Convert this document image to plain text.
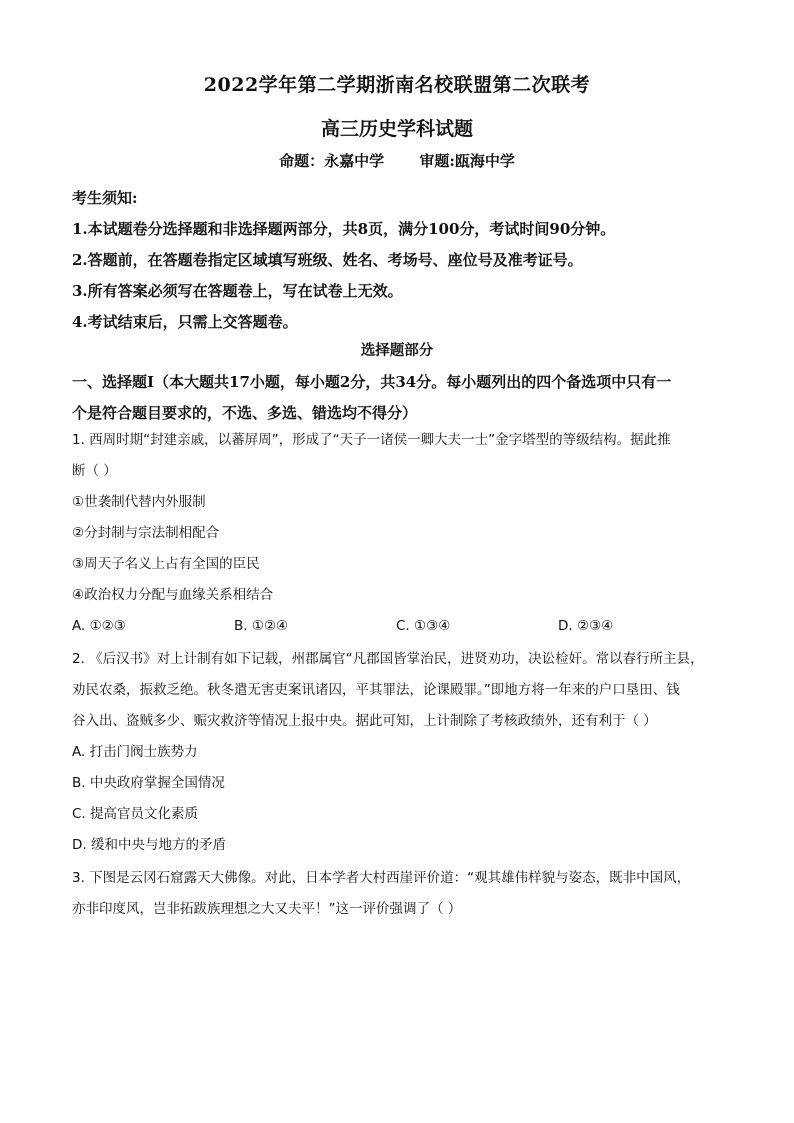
2022学年第二学期浙南名校联盟第二次联考
高三历史学科试题
命题：永嘉中学 审题:瓯海中学
考生须知:
1.本试题卷分选择题和非选择题两部分，共8页，满分100分，考试时间90分钟。
2.答题前，在答题卷指定区域填写班级、姓名、考场号、座位号及准考证号。
3.所有答案必须写在答题卷上，写在试卷上无效。
4.考试结束后，只需上交答题卷。
选择题部分
一、选择题Ⅰ（本大题共17小题，每小题2分，共34分。每小题列出的四个备选项中只有一
个是符合题目要求的，不选、多选、错选均不得分）
1. 西周时期“封建亲戚，以蕃屏周”，形成了“天子一诸侯一卿大夫一士”金字塔型的等级结构。据此推
断（ ）
①世袭制代替内外服制
②分封制与宗法制相配合
③周天子名义上占有全国的臣民
④政治权力分配与血缘关系相结合
A. ①②③	B. ①②④	C. ①③④	D. ②③④
2. 《后汉书》对上计制有如下记载，州郡属官“凡郡国皆掌治民，进贤劝功，决讼检奸。常以春行所主县，
劝民农桑，振救乏绝。秋冬遣无害吏案讯诸囚，平其罪法，论课殿罪。”即地方将一年来的户口垦田、钱
谷入出、盗贼多少、赈灾救济等情况上报中央。据此可知，上计制除了考核政绩外，还有利于（ ）
A. 打击门阀士族势力
B. 中央政府掌握全国情况
C. 提高官员文化素质
D. 缓和中央与地方的矛盾
3. 下图是云冈石窟露天大佛像。对此，日本学者大村西崖评价道：“观其雄伟样貌与姿态，既非中国风，
亦非印度风，岂非拓跋族理想之大又夫平！”这一评价强调了（ ）
